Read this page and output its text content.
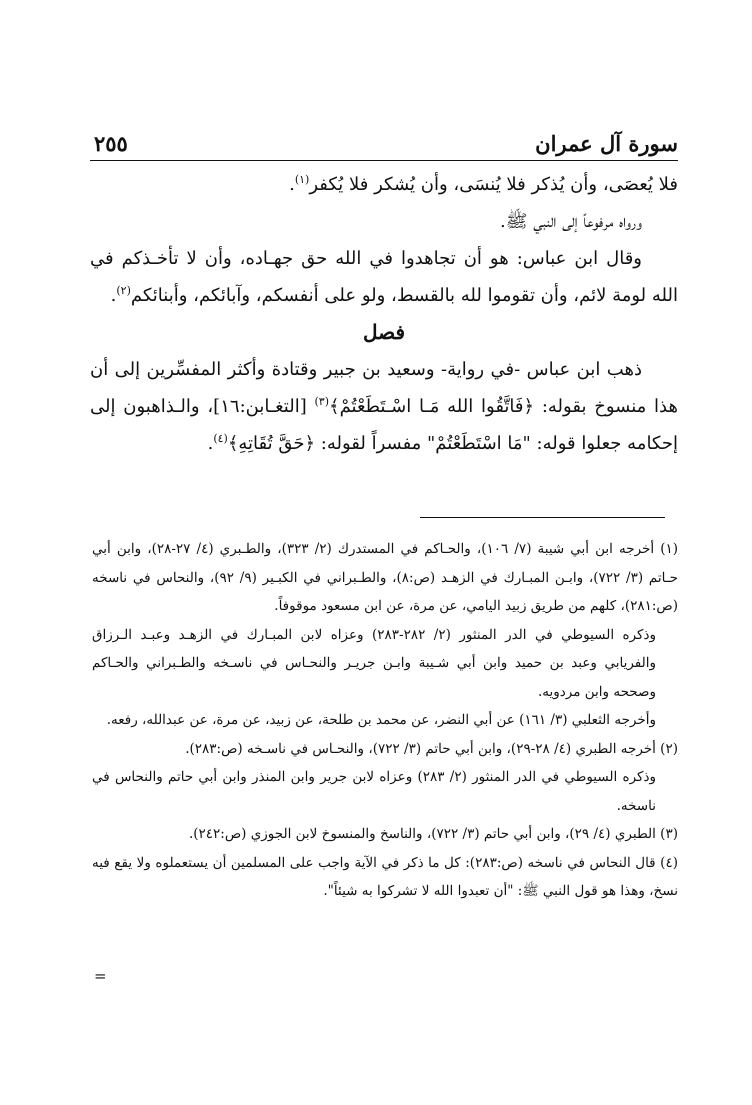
سورة آل عمران
٢٥٥

فلا يُعصَى، وأن يُذكر فلا يُنسَى، وأن يُشكر فلا يُكفر$^{(١)}$.

ورواه مرفوعاً إلى النبي ﷺ.

وقال ابن عباس: هو أن تجاهدوا في الله حق جهـاده، وأن لا تأخـذكم في الله لومة لائم، وأن تقوموا لله بالقسط، ولو على أنفسكم، وآبائكم، وأبنائكم$^{(٢)}$.

فصل

ذهب ابن عباس -في رواية- وسعيد بن جبير وقتادة وأكثر المفسِّرين إلى أن هذا منسوخ بقوله: ﴿فَاتَّقُوا الله مَـا اسْـتَطَعْتُمْ﴾$^{(٣)}$ [التغـابن:١٦]، والـذاهبون إلى إحكامه جعلوا قوله: "مَا اسْتَطَعْتُمْ" مفسراً لقوله: ﴿حَقَّ تُقَاتِهِ﴾$^{(٤)}$.

(١) أخرجه ابن أبي شيبة (٧/ ١٠٦)، والحـاكم في المستدرك (٢/ ٣٢٣)، والطـبري (٤/ ٢٧-٢٨)، وابن أبي حـاتم (٣/ ٧٢٢)، وابـن المبـارك في الزهـد (ص:٨)، والطـبراني في الكبـير (٩/ ٩٢)، والنحاس في ناسخه (ص:٢٨١)، كلهم من طريق زبيد اليامي، عن مرة، عن ابن مسعود موقوفاً.

وذكره السيوطي في الدر المنثور (٢/ ٢٨٢-٢٨٣) وعزاه لابن المبـارك في الزهـد وعبـد الـرزاق والفريابي وعبد بن حميد وابن أبي شـيبة وابـن جريـر والنحـاس في ناسـخه والطـبراني والحـاكم وصححه وابن مردويه.

وأخرجه الثعلبي (٣/ ١٦١) عن أبي النضر، عن محمد بن طلحة، عن زبيد، عن مرة، عن عبدالله، رفعه.

(٢) أخرجه الطبري (٤/ ٢٨-٢٩)، وابن أبي حاتم (٣/ ٧٢٢)، والنحـاس في ناسـخه (ص:٢٨٣).

وذكره السيوطي في الدر المنثور (٢/ ٢٨٣) وعزاه لابن جرير وابن المنذر وابن أبي حاتم والنحاس في ناسخه.

(٣) الطبري (٤/ ٢٩)، وابن أبي حاتم (٣/ ٧٢٢)، والناسخ والمنسوخ لابن الجوزي (ص:٢٤٢).

(٤) قال النحاس في ناسخه (ص:٢٨٣): كل ما ذكر في الآية واجب على المسلمين أن يستعملوه ولا يقع فيه نسخ، وهذا هو قول النبي ﷺ: "أن تعبدوا الله لا تشركوا به شيئاً".

=
